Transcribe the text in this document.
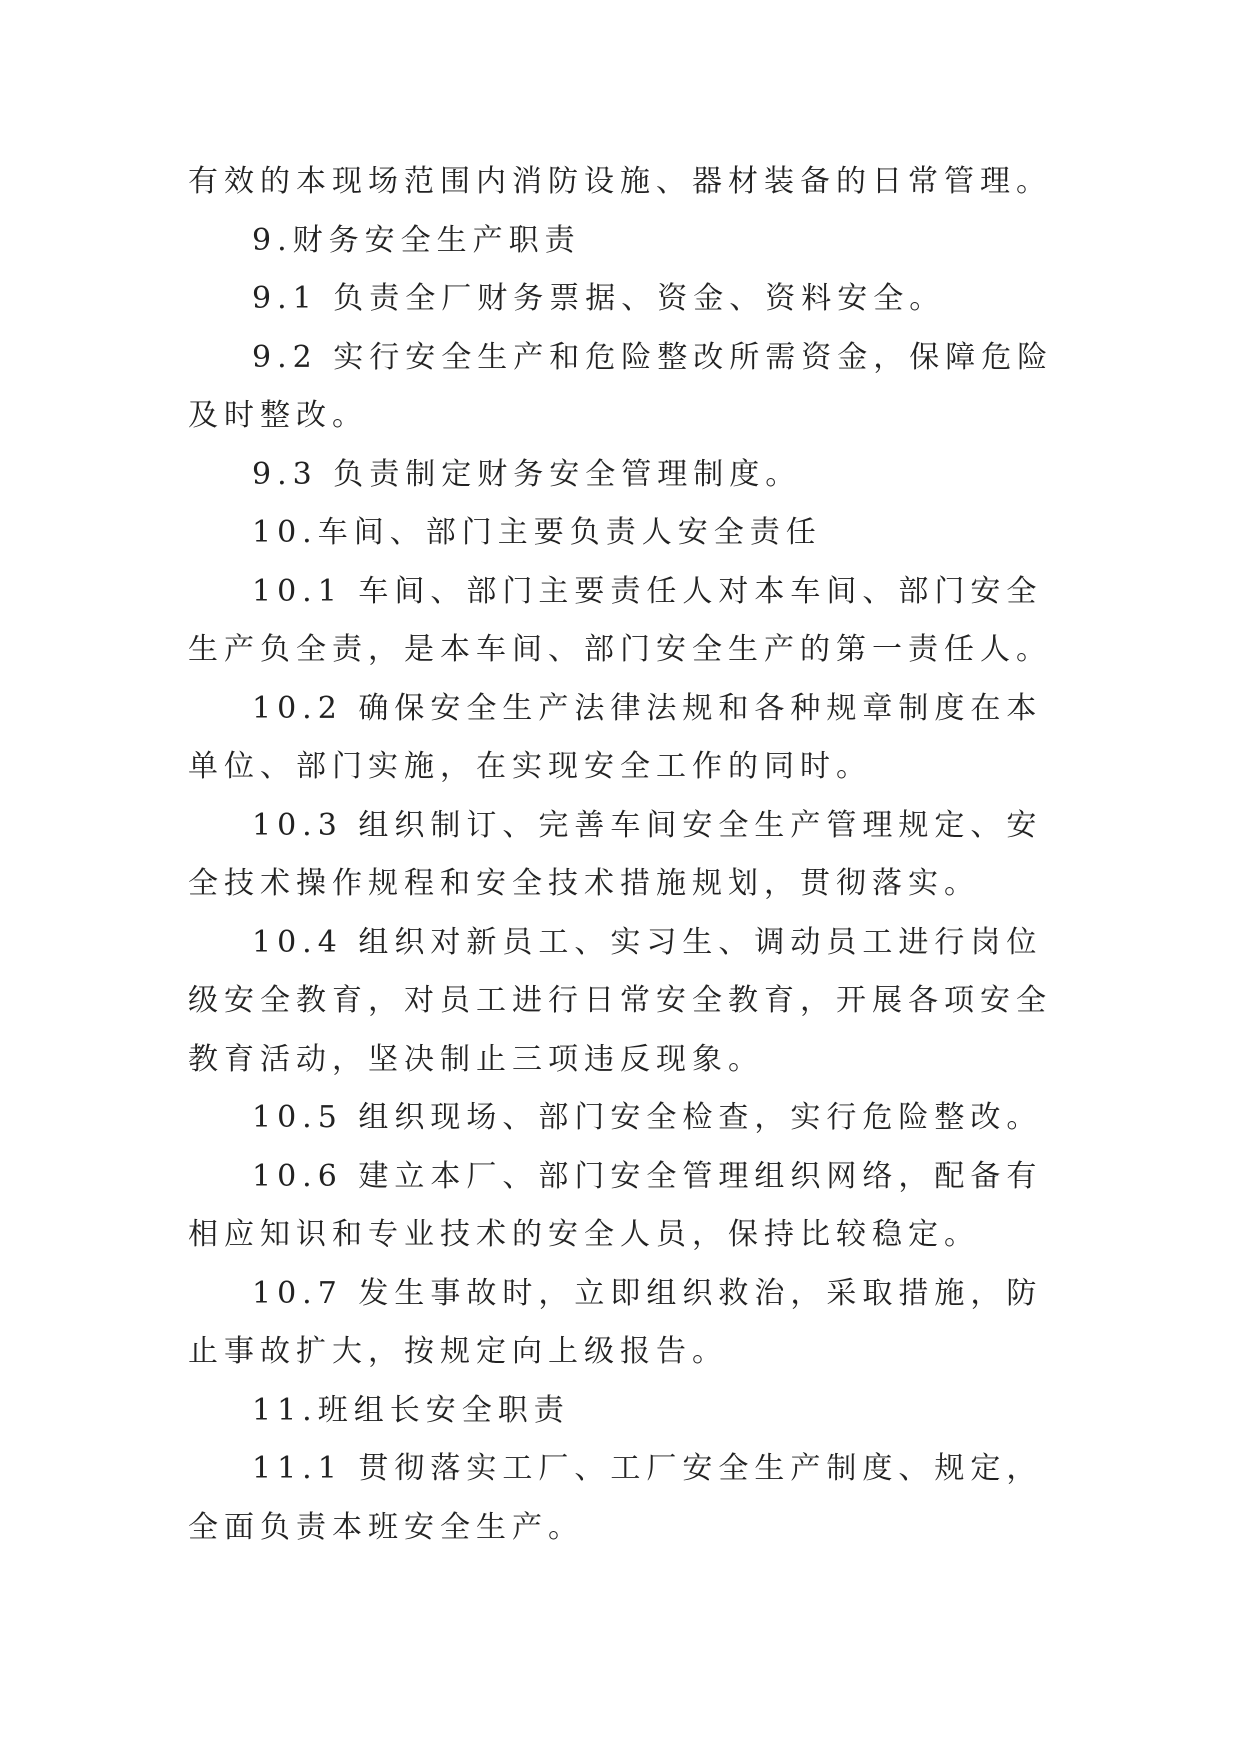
有效的本现场范围内消防设施、器材装备的日常管理。

9.财务安全生产职责

9.1 负责全厂财务票据、资金、资料安全。

9.2 实行安全生产和危险整改所需资金，保障危险及时整改。

9.3 负责制定财务安全管理制度。

10.车间、部门主要负责人安全责任

10.1 车间、部门主要责任人对本车间、部门安全生产负全责，是本车间、部门安全生产的第一责任人。

10.2 确保安全生产法律法规和各种规章制度在本单位、部门实施，在实现安全工作的同时。

10.3 组织制订、完善车间安全生产管理规定、安全技术操作规程和安全技术措施规划，贯彻落实。

10.4 组织对新员工、实习生、调动员工进行岗位级安全教育，对员工进行日常安全教育，开展各项安全教育活动，坚决制止三项违反现象。

10.5 组织现场、部门安全检查，实行危险整改。

10.6 建立本厂、部门安全管理组织网络，配备有相应知识和专业技术的安全人员，保持比较稳定。

10.7 发生事故时，立即组织救治，采取措施，防止事故扩大，按规定向上级报告。

11.班组长安全职责

11.1 贯彻落实工厂、工厂安全生产制度、规定，全面负责本班安全生产。
